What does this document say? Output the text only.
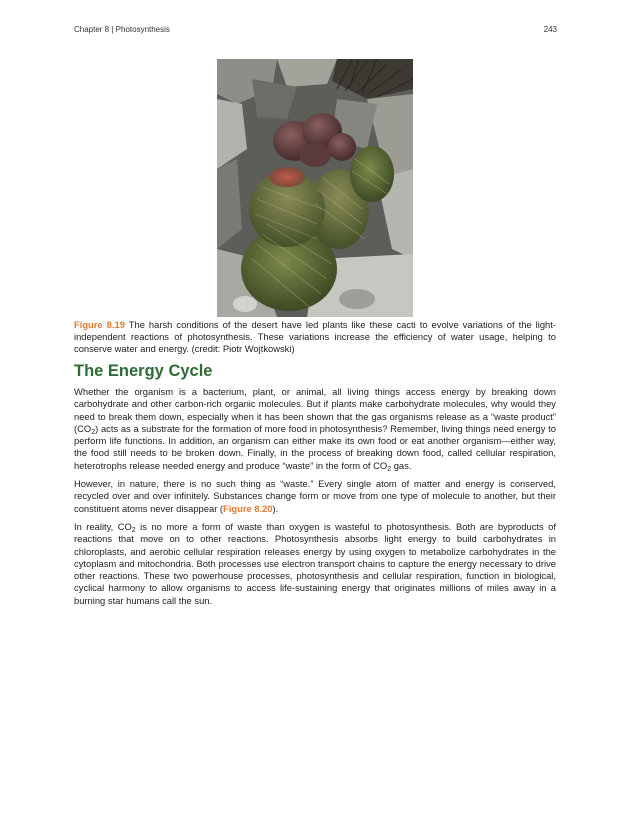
Chapter 8 | Photosynthesis	243
Figure 8.19 The harsh conditions of the desert have led plants like these cacti to evolve variations of the light-independent reactions of photosynthesis. These variations increase the efficiency of water usage, helping to conserve water and energy. (credit: Piotr Wojtkowski)
The Energy Cycle

Whether the organism is a bacterium, plant, or animal, all living things access energy by breaking down carbohydrate and other carbon-rich organic molecules. But if plants make carbohydrate molecules, why would they need to break them down, especially when it has been shown that the gas organisms release as a “waste product” $(CO_2)$ acts as a substrate for the formation of more food in photosynthesis? Remember, living things need energy to perform life functions. In addition, an organism can either make its own food or eat another organism—either way, the food still needs to be broken down. Finally, in the process of breaking down food, called cellular respiration, heterotrophs release needed energy and produce “waste” in the form of $CO_2$ gas.

However, in nature, there is no such thing as “waste.” Every single atom of matter and energy is conserved, recycled over and over infinitely. Substances change form or move from one type of molecule to another, but their constituent atoms never disappear (Figure 8.20).

In reality, $CO_2$ is no more a form of waste than oxygen is wasteful to photosynthesis. Both are byproducts of reactions that move on to other reactions. Photosynthesis absorbs light energy to build carbohydrates in chloroplasts, and aerobic cellular respiration releases energy by using oxygen to metabolize carbohydrates in the cytoplasm and mitochondria. Both processes use electron transport chains to capture the energy necessary to drive other reactions. These two powerhouse processes, photosynthesis and cellular respiration, function in biological, cyclical harmony to allow organisms to access life-sustaining energy that originates millions of miles away in a burning star humans call the sun.
